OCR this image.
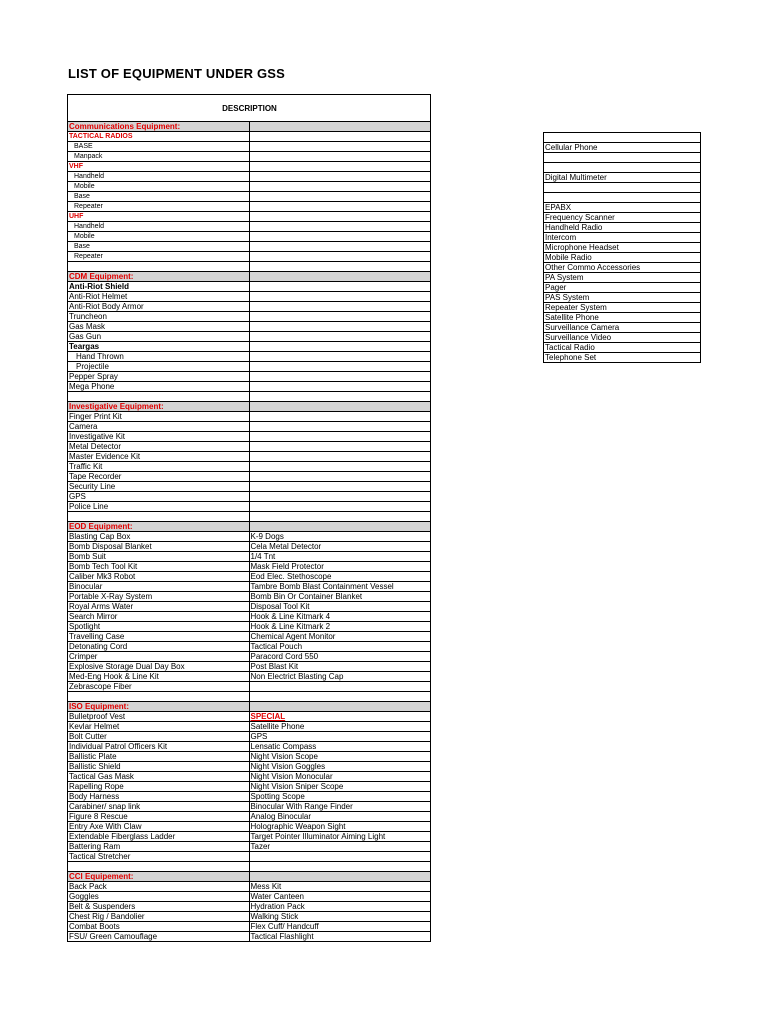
LIST OF EQUIPMENT UNDER GSS
DESCRIPTION	
Communications Equipment:	
TACTICAL RADIOS	
BASE	
Manpack	
VHF	
Handheld	
Mobile	
Base	
Repeater	
UHF	
Handheld	
Mobile	
Base	
Repeater	

CDM Equipment:	
Anti-Riot Shield	
Anti-Riot Helmet	
Anti-Riot Body Armor	
Truncheon	
Gas Mask	
Gas Gun	
Teargas	
Hand Thrown	
Projectile	
Pepper Spray	
Mega Phone	

Investigative Equipment:	
Finger Print Kit	
Camera	
Investigative Kit	
Metal Detector	
Master Evidence Kit	
Traffic Kit	
Tape Recorder	
Security Line	
GPS	
Police Line	

EOD Equipment:	
Blasting Cap Box	K-9 Dogs
Bomb Disposal Blanket	Cela Metal Detector
Bomb Suit	1/4 Tnt
Bomb Tech Tool Kit	Mask Field Protector
Caliber Mk3 Robot	Eod Elec. Stethoscope
Binocular	Tambre Bomb Blast Containment Vessel
Portable X-Ray System	Bomb Bin Or Container Blanket
Royal Arms Water	Disposal Tool Kit
Search Mirror	Hook & Line Kitmark 4
Spotlight	Hook & Line Kitmark 2
Travelling Case	Chemical Agent Monitor
Detonating Cord	Tactical Pouch
Crimper	Paracord Cord 550
Explosive Storage Dual Day Box	Post Blast Kit
Med-Eng Hook & Line Kit	Non Electrict Blasting Cap
Zebrascope Fiber	

ISO Equipment:	
Bulletproof Vest	SPECIAL
Kevlar Helmet	Satellite Phone
Bolt Cutter	GPS
Individual Patrol Officers Kit	Lensatic Compass
Ballistic Plate	Night Vision Scope
Ballistic Shield	Night Vision Goggles
Tactical Gas Mask	Night Vision Monocular
Rapelling Rope	Night Vision Sniper Scope
Body Harness	Spotting Scope
Carabiner/ snap link	Binocular With Range Finder
Figure 8 Rescue	Analog Binocular
Entry Axe With Claw	Holographic Weapon Sight
Extendable Fiberglass Ladder	Target Pointer Illuminator Aiming Light
Battering Ram	Tazer
Tactical Stretcher	

CCI Equipement:	
Back Pack	Mess Kit
Goggles	Water Canteen
Belt & Suspenders	Hydration Pack
Chest Rig / Bandolier	Walking Stick
Combat Boots	Flex Cuff/ Handcuff
FSU/ Green Camouflage	Tactical Flashlight

Cellular Phone

Digital Multimeter

EPABX
Frequency Scanner
Handheld Radio
Intercom
Microphone Headset
Mobile Radio
Other Commo Accessories
PA System
Pager
PAS System
Repeater System
Satellite Phone
Surveillance Camera
Surveillance Video
Tactical Radio
Telephone Set
